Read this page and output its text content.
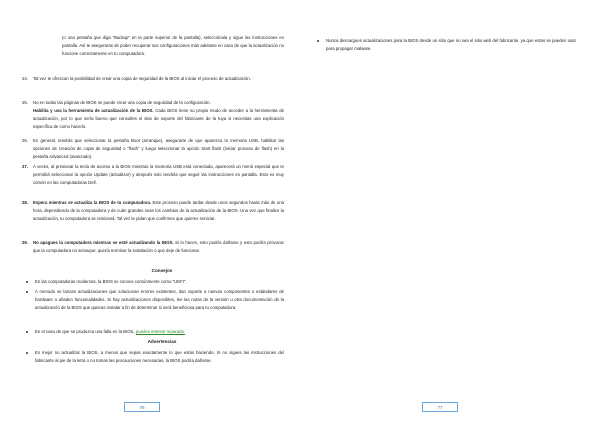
(o una pestaña que diga "Backup" en la parte superior de la pantalla), selecciónala y sigue las instrucciones en pantalla. Así te aseguraras de poder recuperar sus configuraciones más adelante en caso de que la actualización no funcione correctamente en tu computadora.
24. Tal vez te ofrezcan la posibilidad de crear una copia de seguridad de la BIOS al iniciar el proceso de actualización.
25. No en todas las páginas de BIOS se puede crear una copia de seguridad de la configuración.
Habilita y usa la herramienta de actualización de la BIOS. Cada BIOS tiene su propio modo de acceder a la herramienta de actualización, por lo que sería bueno que consultes el sitio de soporte del fabricante de la tuya si necesitas una explicación específica de como hacerlo.
26. En general, tendrás que seleccionar la pestaña Boot (arranque), asegurarte de que aparezca la memoria USB, habilitar las opciones de creación de copia de seguridad o "flash" y luego seleccionar la opción Start flash (iniciar proceso de flash) en la pestaña Advanced (avanzado).
27. A veces, al presionar la tecla de acceso a la BIOS mientras la memoria USB está conectada, aparecerá un menú especial que te permitirá seleccionar la opción Update (actualizar) y después solo tendrás que seguir las instrucciones en pantalla. Esto es muy común en las computadoras Dell.
28. Espera mientras se actualiza la BIOS de tu computadora. Este proceso puede tardar desde unos segundos hasta más de una hora, dependiendo de la computadora y de cuán grandes sean los cambios de la actualización de la BIOS. Una vez que finalice la actualización, tu computadora se reiniciará. Tal vez te pidan que confirmes que quieres reiniciar.
29. No apagues la computadora mientras se esté actualizando la BIOS. Si lo haces, esto podría dañarse y esto podría provocar que la computadora no arranque; quería terminar la instalación o que deje de funcionar.
Consejos
En las computadoras modernas, la BIOS se conoce comúnmente como "UEFI".
A menudo se lanzan actualizaciones que solucionan errores existentes, dan soporte a nuevos componentes o estándares de hardware o añaden funcionalidades. Si hay actualizaciones disponibles, lee las notas de la versión u otra documentación de la actualización de la BIOS que quieras instalar a fin de determinar si será beneficiosa para tu computadora.
En el caso de que se produzca una falla en la BIOS, puedes intentar repararla.
Advertencias
Es mejor no actualizar la BIOS, a menos que sepas exactamente lo que estás haciendo. Si no sigues las instrucciones del fabricante al pie de la letra o no tomas las precauciones necesarias, la BIOS podría dañarse.
76
Nunca descargues actualizaciones para la BIOS desde un sitio que no sea el sitio web del fabricante, ya que estas se pueden usar para propagar malware.
77
